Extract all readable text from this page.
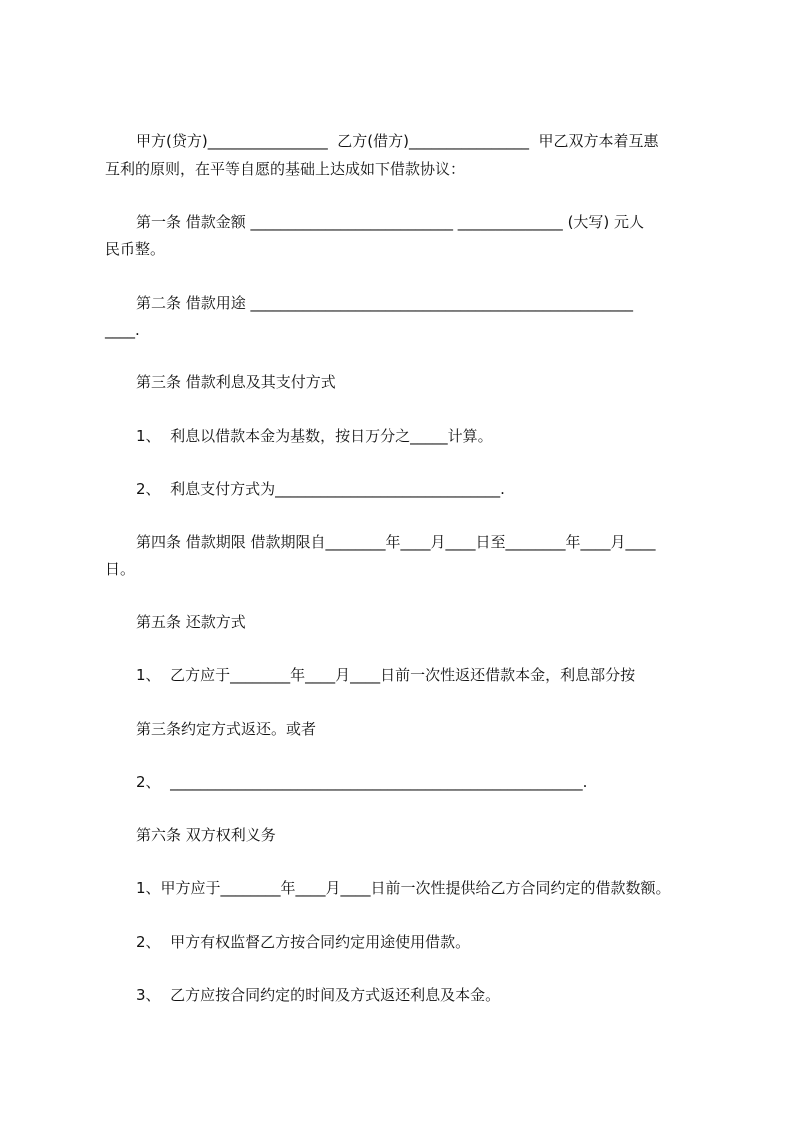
甲方(贷方)________________  乙方(借方)________________  甲乙双方本着互惠
互利的原则，在平等自愿的基础上达成如下借款协议：
第一条 借款金额 ___________________________ ______________ (大写) 元人
民币整。
第二条 借款用途 ___________________________________________________
____.
第三条 借款利息及其支付方式
1、  利息以借款本金为基数，按日万分之_____计算。
2、  利息支付方式为______________________________.
第四条 借款期限 借款期限自________年____月____日至________年____月____
日。
第五条 还款方式
1、  乙方应于________年____月____日前一次性返还借款本金，利息部分按
第三条约定方式返还。或者
2、  _______________________________________________________.
第六条 双方权利义务
1、甲方应于________年____月____日前一次性提供给乙方合同约定的借款数额。
2、  甲方有权监督乙方按合同约定用途使用借款。
3、  乙方应按合同约定的时间及方式返还利息及本金。
